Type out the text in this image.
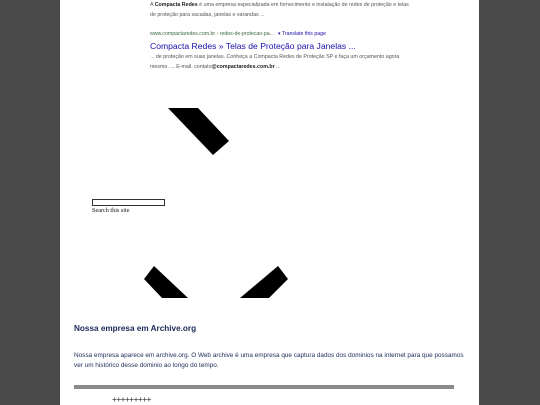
A Compacta Redes é uma empresa especializada em fornecimento e instalação de redes de proteção e telas de proteção para sacadas, janelas e varandas ...
www.compactaredes.com.br › redes-de-protecao-pa... ▾ Translate this page
Compacta Redes » Telas de Proteção para Janelas ...
... de proteção em suas janelas. Conheça a Compacta Redes de Proteção SP e faça um orçamento agora mesmo. ... E-mail. contato@compactaredes.com.br ...
Search this site
Nossa empresa em Archive.org
Nossa empresa aparece em archive.org. O Web archive é uma empresa que captura dados dos dominios na internet para que possamos ver um histórico desse dominio ao longo do tempo.
+++++++++
